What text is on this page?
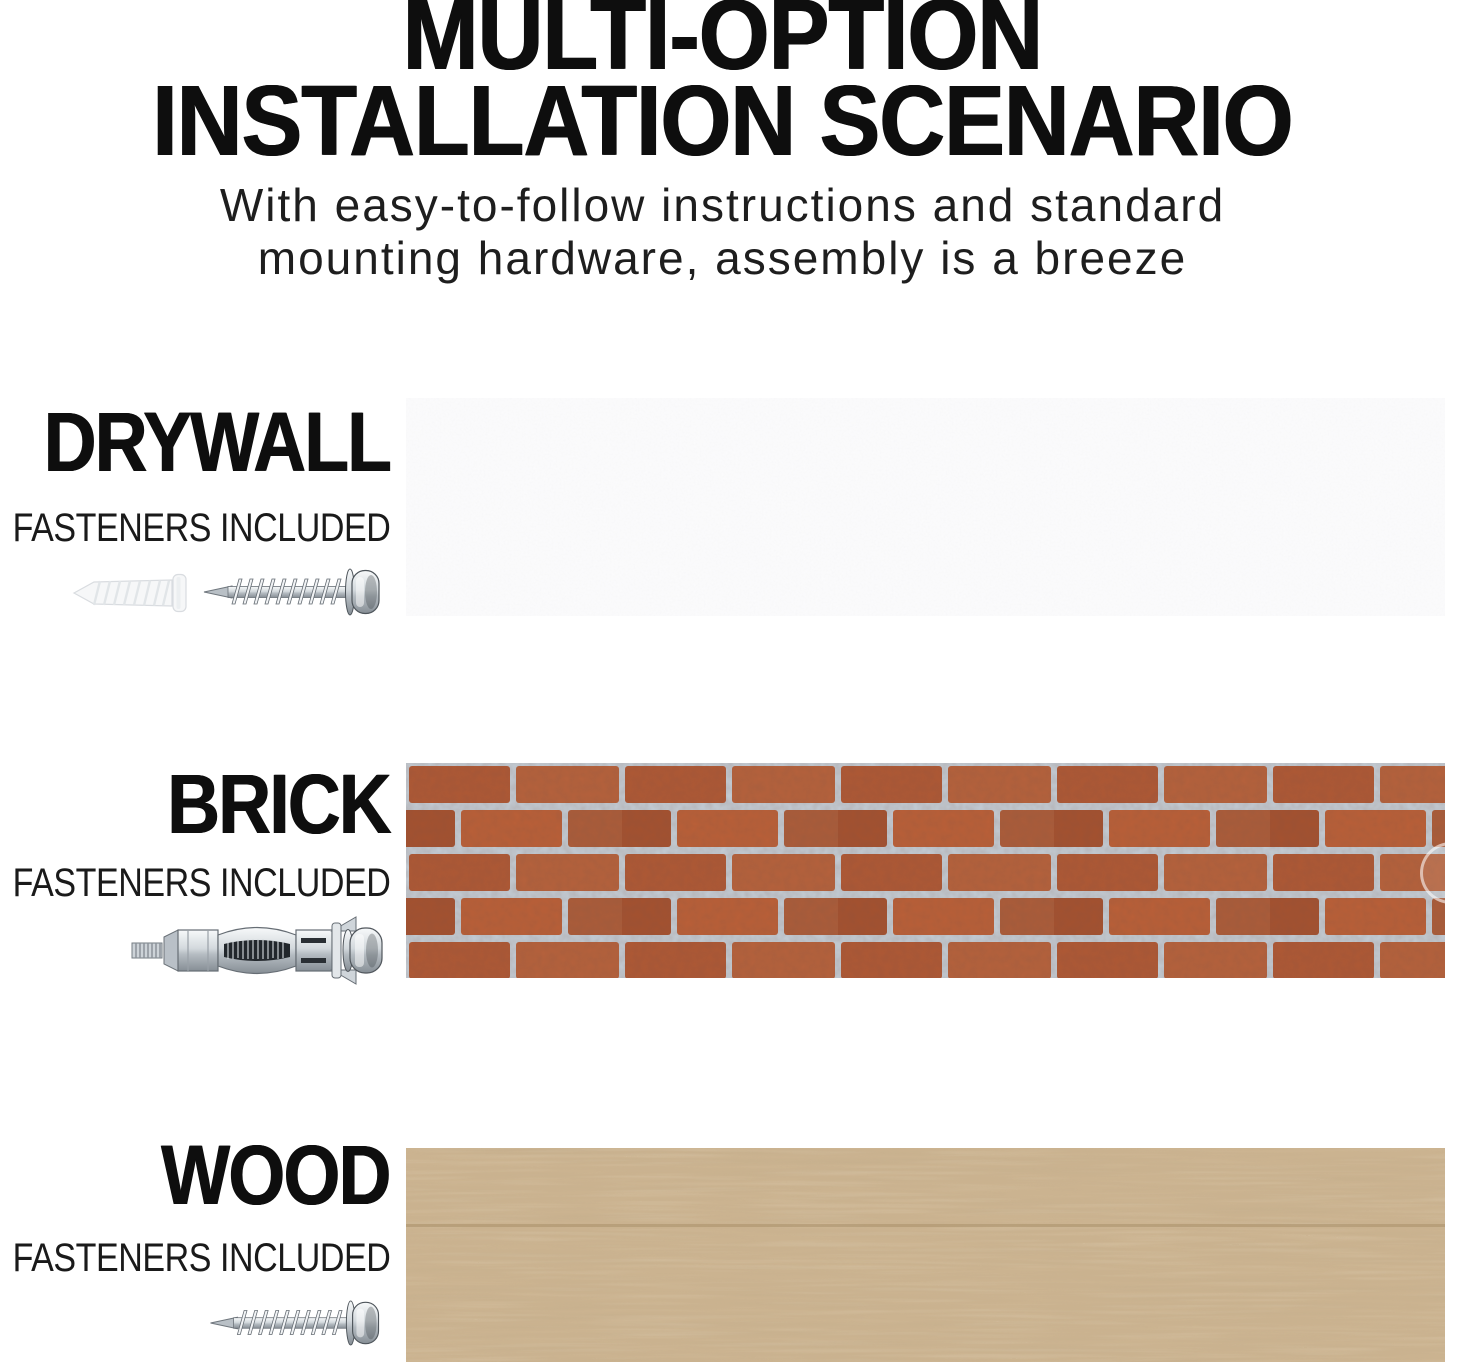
MULTI-OPTION
INSTALLATION SCENARIO

With easy-to-follow instructions and standard
mounting hardware, assembly is a breeze

DRYWALL

FASTENERS INCLUDED

BRICK

FASTENERS INCLUDED	›
WOOD

FASTENERS INCLUDED
